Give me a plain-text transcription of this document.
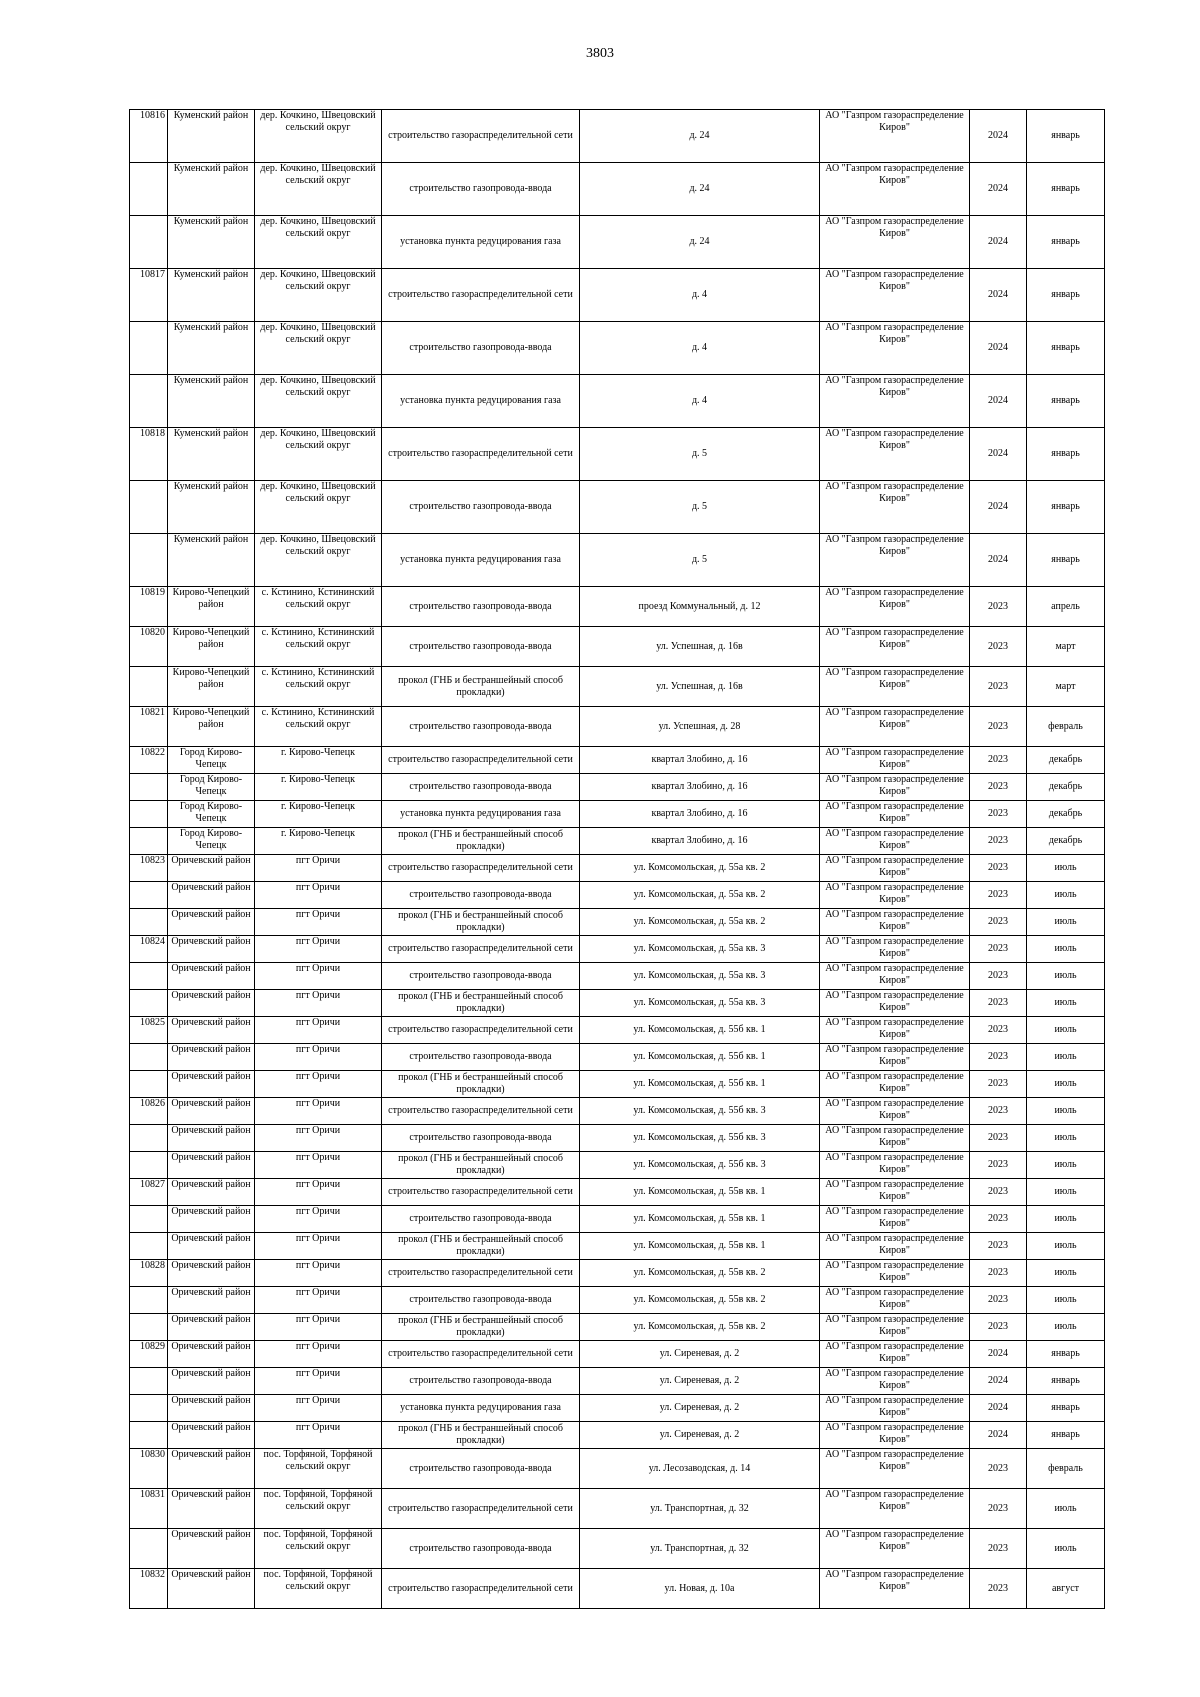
3803
10816	Куменский район	дер. Кочкино, Швецовский сельский округ	строительство газораспределительной сети	д. 24	АО "Газпром газораспределение Киров"	2024	январь
	Куменский район	дер. Кочкино, Швецовский сельский округ	строительство газопровода-ввода	д. 24	АО "Газпром газораспределение Киров"	2024	январь
	Куменский район	дер. Кочкино, Швецовский сельский округ	установка пункта редуцирования газа	д. 24	АО "Газпром газораспределение Киров"	2024	январь
10817	Куменский район	дер. Кочкино, Швецовский сельский округ	строительство газораспределительной сети	д. 4	АО "Газпром газораспределение Киров"	2024	январь
	Куменский район	дер. Кочкино, Швецовский сельский округ	строительство газопровода-ввода	д. 4	АО "Газпром газораспределение Киров"	2024	январь
	Куменский район	дер. Кочкино, Швецовский сельский округ	установка пункта редуцирования газа	д. 4	АО "Газпром газораспределение Киров"	2024	январь
10818	Куменский район	дер. Кочкино, Швецовский сельский округ	строительство газораспределительной сети	д. 5	АО "Газпром газораспределение Киров"	2024	январь
	Куменский район	дер. Кочкино, Швецовский сельский округ	строительство газопровода-ввода	д. 5	АО "Газпром газораспределение Киров"	2024	январь
	Куменский район	дер. Кочкино, Швецовский сельский округ	установка пункта редуцирования газа	д. 5	АО "Газпром газораспределение Киров"	2024	январь
10819	Кирово-Чепецкий район	с. Кстинино, Кстининский сельский округ	строительство газопровода-ввода	проезд Коммунальный, д. 12	АО "Газпром газораспределение Киров"	2023	апрель
10820	Кирово-Чепецкий район	с. Кстинино, Кстининский сельский округ	строительство газопровода-ввода	ул. Успешная, д. 16в	АО "Газпром газораспределение Киров"	2023	март
	Кирово-Чепецкий район	с. Кстинино, Кстининский сельский округ	прокол (ГНБ и бестраншейный способ прокладки)	ул. Успешная, д. 16в	АО "Газпром газораспределение Киров"	2023	март
10821	Кирово-Чепецкий район	с. Кстинино, Кстининский сельский округ	строительство газопровода-ввода	ул. Успешная, д. 28	АО "Газпром газораспределение Киров"	2023	февраль
10822	Город Кирово-Чепецк	г. Кирово-Чепецк	строительство газораспределительной сети	квартал Злобино, д. 16	АО "Газпром газораспределение Киров"	2023	декабрь
	Город Кирово-Чепецк	г. Кирово-Чепецк	строительство газопровода-ввода	квартал Злобино, д. 16	АО "Газпром газораспределение Киров"	2023	декабрь
	Город Кирово-Чепецк	г. Кирово-Чепецк	установка пункта редуцирования газа	квартал Злобино, д. 16	АО "Газпром газораспределение Киров"	2023	декабрь
	Город Кирово-Чепецк	г. Кирово-Чепецк	прокол (ГНБ и бестраншейный способ прокладки)	квартал Злобино, д. 16	АО "Газпром газораспределение Киров"	2023	декабрь
10823	Оричевский район	пгт Оричи	строительство газораспределительной сети	ул. Комсомольская, д. 55а кв. 2	АО "Газпром газораспределение Киров"	2023	июль
	Оричевский район	пгт Оричи	строительство газопровода-ввода	ул. Комсомольская, д. 55а кв. 2	АО "Газпром газораспределение Киров"	2023	июль
	Оричевский район	пгт Оричи	прокол (ГНБ и бестраншейный способ прокладки)	ул. Комсомольская, д. 55а кв. 2	АО "Газпром газораспределение Киров"	2023	июль
10824	Оричевский район	пгт Оричи	строительство газораспределительной сети	ул. Комсомольская, д. 55а кв. 3	АО "Газпром газораспределение Киров"	2023	июль
	Оричевский район	пгт Оричи	строительство газопровода-ввода	ул. Комсомольская, д. 55а кв. 3	АО "Газпром газораспределение Киров"	2023	июль
	Оричевский район	пгт Оричи	прокол (ГНБ и бестраншейный способ прокладки)	ул. Комсомольская, д. 55а кв. 3	АО "Газпром газораспределение Киров"	2023	июль
10825	Оричевский район	пгт Оричи	строительство газораспределительной сети	ул. Комсомольская, д. 55б кв. 1	АО "Газпром газораспределение Киров"	2023	июль
	Оричевский район	пгт Оричи	строительство газопровода-ввода	ул. Комсомольская, д. 55б кв. 1	АО "Газпром газораспределение Киров"	2023	июль
	Оричевский район	пгт Оричи	прокол (ГНБ и бестраншейный способ прокладки)	ул. Комсомольская, д. 55б кв. 1	АО "Газпром газораспределение Киров"	2023	июль
10826	Оричевский район	пгт Оричи	строительство газораспределительной сети	ул. Комсомольская, д. 55б кв. 3	АО "Газпром газораспределение Киров"	2023	июль
	Оричевский район	пгт Оричи	строительство газопровода-ввода	ул. Комсомольская, д. 55б кв. 3	АО "Газпром газораспределение Киров"	2023	июль
	Оричевский район	пгт Оричи	прокол (ГНБ и бестраншейный способ прокладки)	ул. Комсомольская, д. 55б кв. 3	АО "Газпром газораспределение Киров"	2023	июль
10827	Оричевский район	пгт Оричи	строительство газораспределительной сети	ул. Комсомольская, д. 55в кв. 1	АО "Газпром газораспределение Киров"	2023	июль
	Оричевский район	пгт Оричи	строительство газопровода-ввода	ул. Комсомольская, д. 55в кв. 1	АО "Газпром газораспределение Киров"	2023	июль
	Оричевский район	пгт Оричи	прокол (ГНБ и бестраншейный способ прокладки)	ул. Комсомольская, д. 55в кв. 1	АО "Газпром газораспределение Киров"	2023	июль
10828	Оричевский район	пгт Оричи	строительство газораспределительной сети	ул. Комсомольская, д. 55в кв. 2	АО "Газпром газораспределение Киров"	2023	июль
	Оричевский район	пгт Оричи	строительство газопровода-ввода	ул. Комсомольская, д. 55в кв. 2	АО "Газпром газораспределение Киров"	2023	июль
	Оричевский район	пгт Оричи	прокол (ГНБ и бестраншейный способ прокладки)	ул. Комсомольская, д. 55в кв. 2	АО "Газпром газораспределение Киров"	2023	июль
10829	Оричевский район	пгт Оричи	строительство газораспределительной сети	ул. Сиреневая, д. 2	АО "Газпром газораспределение Киров"	2024	январь
	Оричевский район	пгт Оричи	строительство газопровода-ввода	ул. Сиреневая, д. 2	АО "Газпром газораспределение Киров"	2024	январь
	Оричевский район	пгт Оричи	установка пункта редуцирования газа	ул. Сиреневая, д. 2	АО "Газпром газораспределение Киров"	2024	январь
	Оричевский район	пгт Оричи	прокол (ГНБ и бестраншейный способ прокладки)	ул. Сиреневая, д. 2	АО "Газпром газораспределение Киров"	2024	январь
10830	Оричевский район	пос. Торфяной, Торфяной сельский округ	строительство газопровода-ввода	ул. Лесозаводская, д. 14	АО "Газпром газораспределение Киров"	2023	февраль
10831	Оричевский район	пос. Торфяной, Торфяной сельский округ	строительство газораспределительной сети	ул. Транспортная, д. 32	АО "Газпром газораспределение Киров"	2023	июль
	Оричевский район	пос. Торфяной, Торфяной сельский округ	строительство газопровода-ввода	ул. Транспортная, д. 32	АО "Газпром газораспределение Киров"	2023	июль
10832	Оричевский район	пос. Торфяной, Торфяной сельский округ	строительство газораспределительной сети	ул. Новая, д. 10а	АО "Газпром газораспределение Киров"	2023	август
